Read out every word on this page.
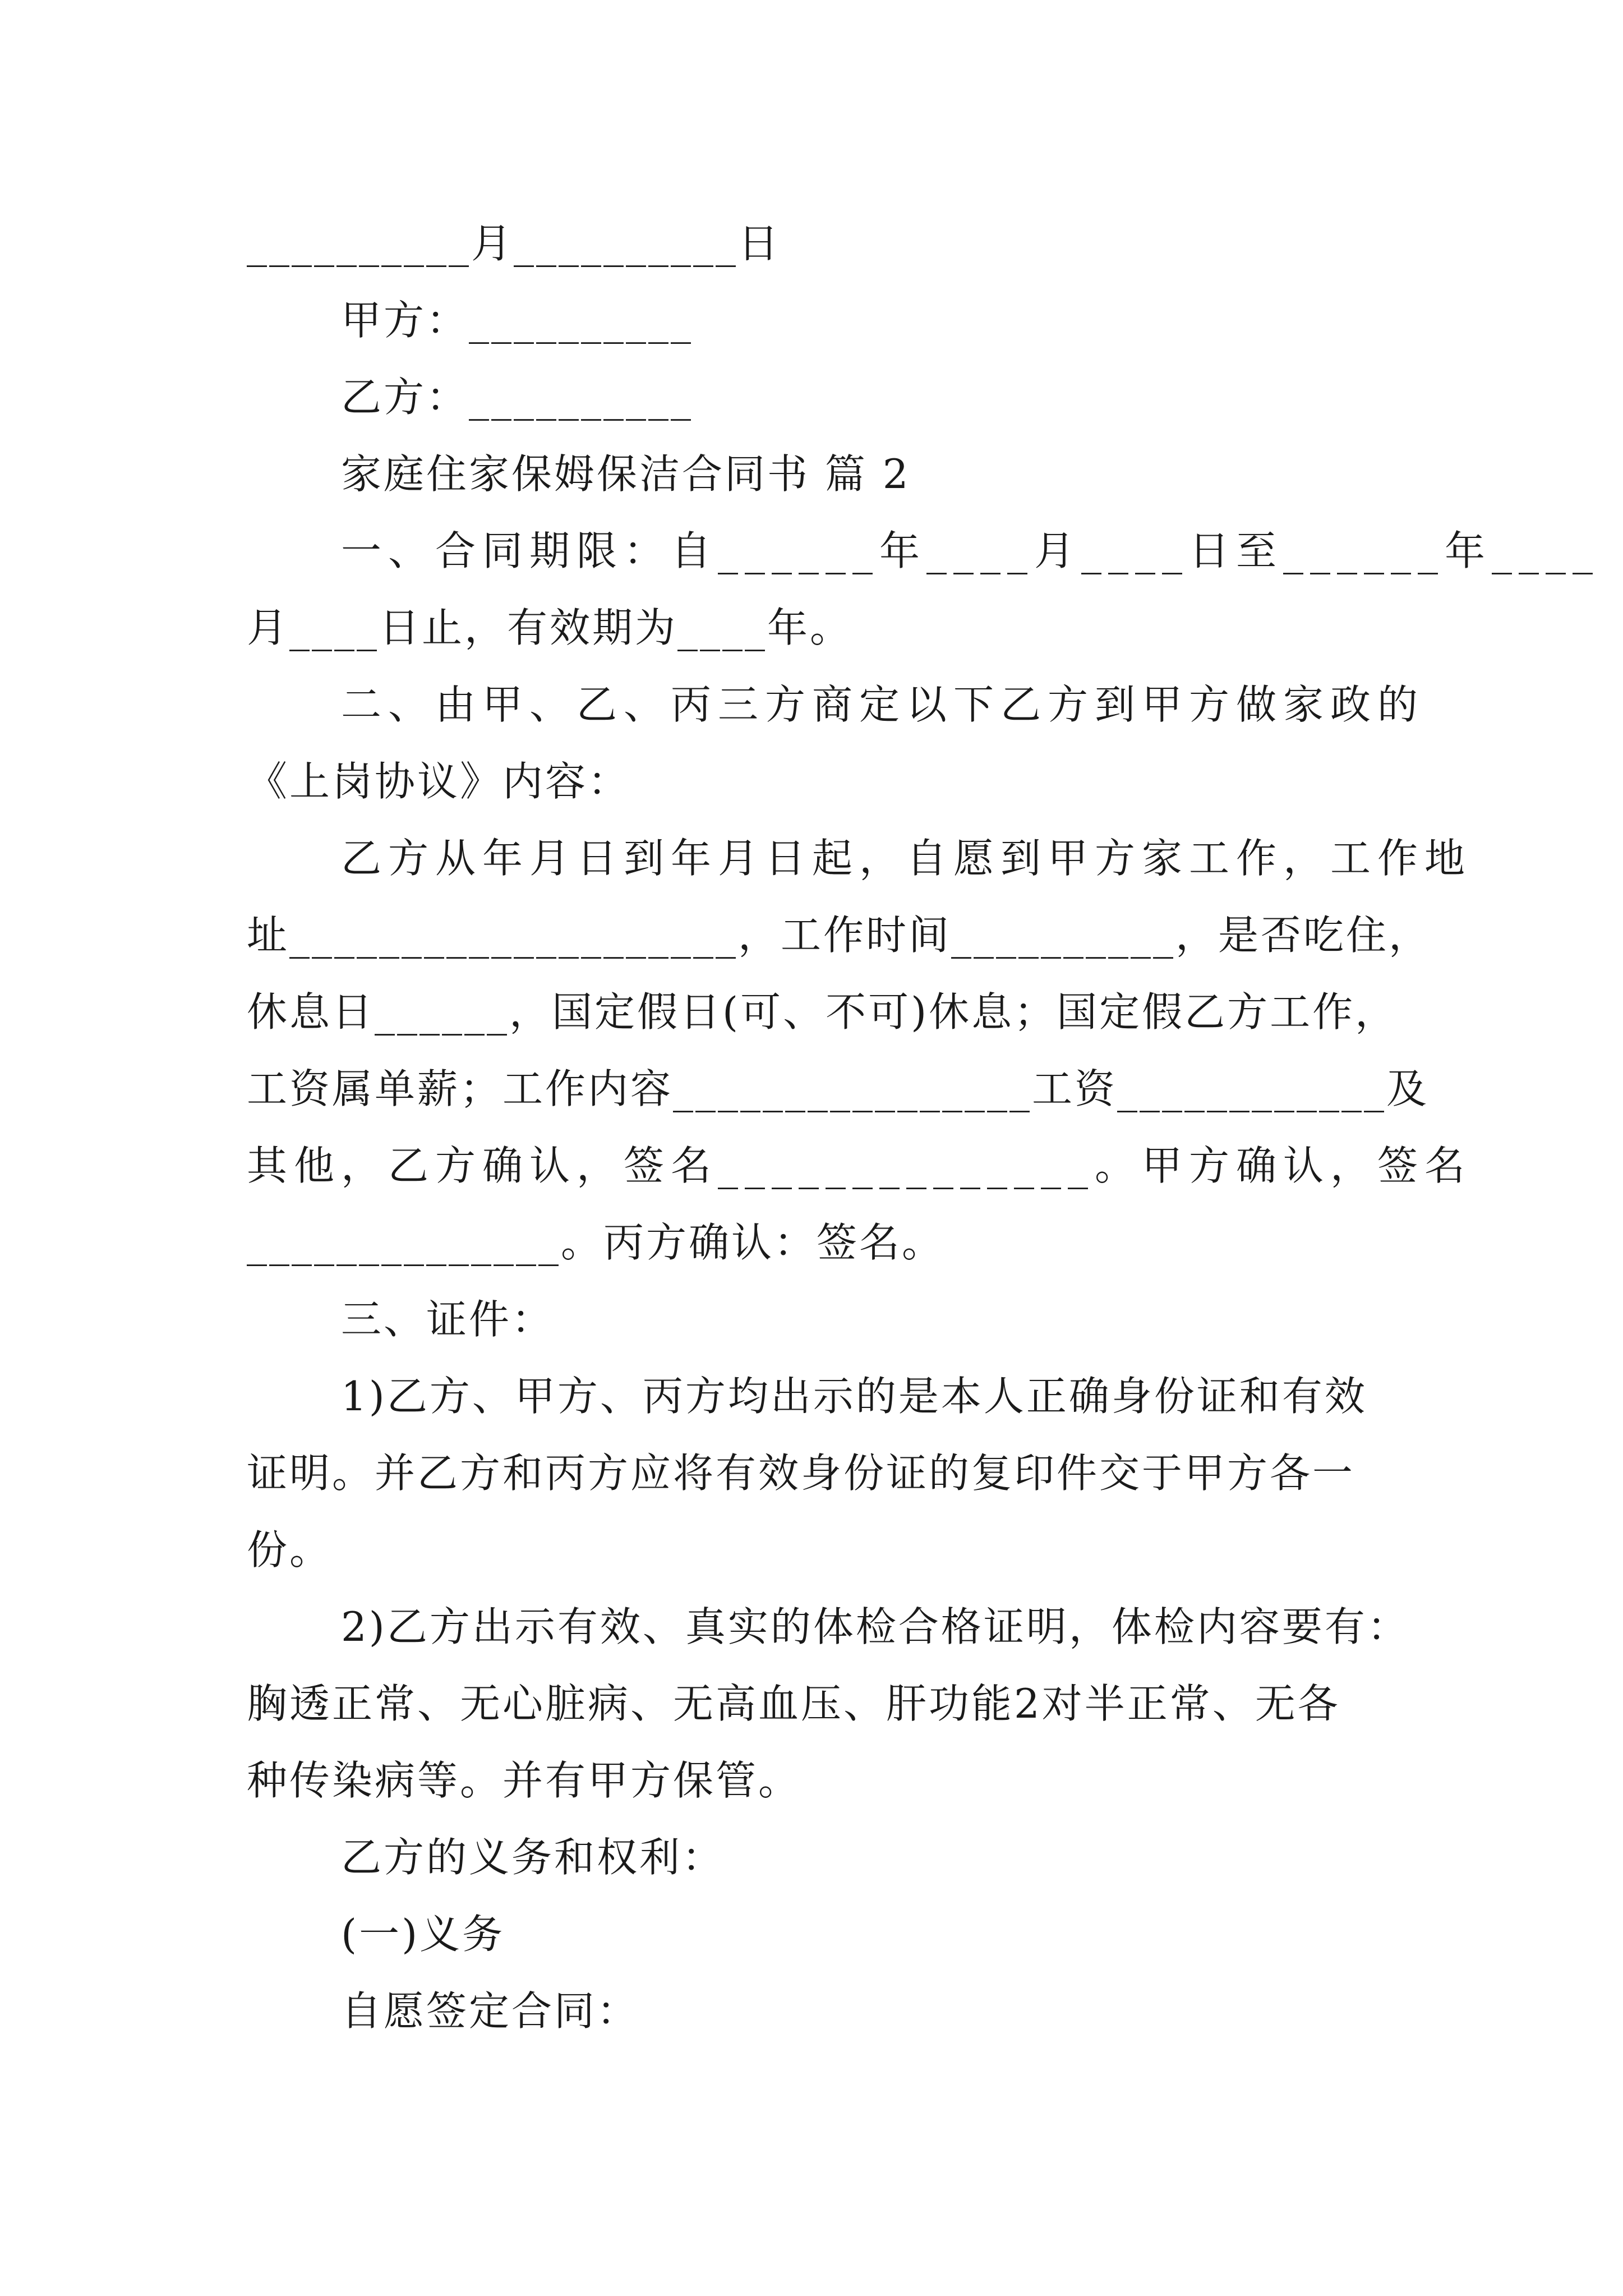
__________月__________日
甲方：__________
乙方：__________
家庭住家保姆保洁合同书 篇 2
一、合同期限：自______年____月____日至______年____
月____日止，有效期为____年。
二、由甲、乙、丙三方商定以下乙方到甲方做家政的
《上岗协议》内容：
乙方从年月日到年月日起，自愿到甲方家工作，工作地
址____________________，工作时间__________，是否吃住，
休息日______，国定假日(可、不可)休息；国定假乙方工作，
工资属单薪；工作内容________________工资____________及
其他，乙方确认，签名______________。甲方确认，签名
______________。丙方确认：签名。
三、证件：
1)乙方、甲方、丙方均出示的是本人正确身份证和有效
证明。并乙方和丙方应将有效身份证的复印件交于甲方各一
份。
2)乙方出示有效、真实的体检合格证明，体检内容要有：
胸透正常、无心脏病、无高血压、肝功能2对半正常、无各
种传染病等。并有甲方保管。
乙方的义务和权利：
(一)义务
自愿签定合同：
